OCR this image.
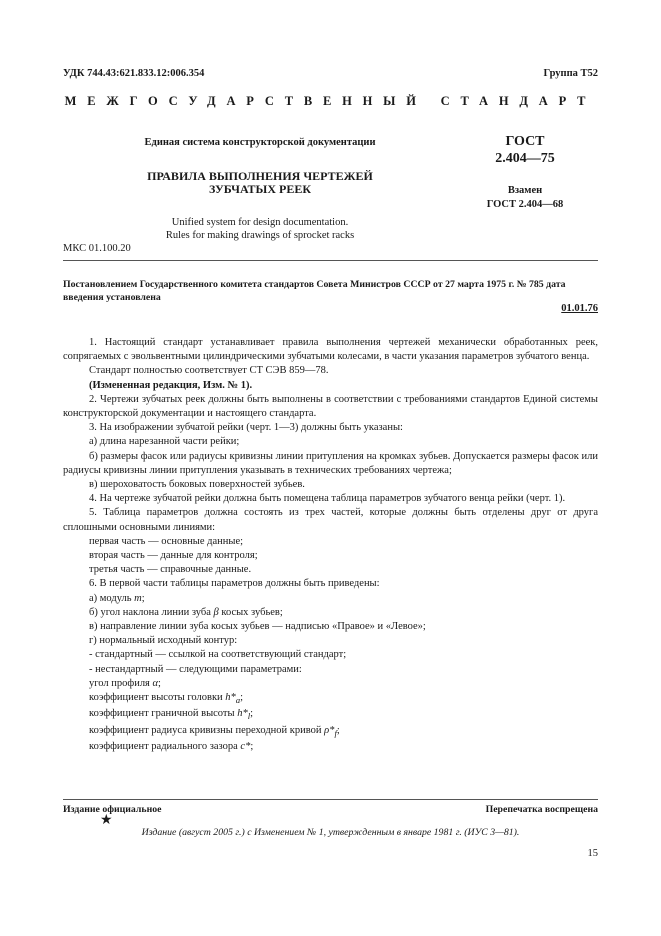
УДК 744.43:621.833.12:006.354	Группа Т52
МЕЖГОСУДАРСТВЕННЫЙ СТАНДАРТ
Единая система конструкторской документации	ГОСТ
2.404—75
ПРАВИЛА ВЫПОЛНЕНИЯ ЧЕРТЕЖЕЙ
ЗУБЧАТЫХ РЕЕК	Взамен
ГОСТ 2.404—68
Unified system for design documentation.
Rules for making drawings of sprocket racks
МКС 01.100.20
Постановлением Государственного комитета стандартов Совета Министров СССР от 27 марта 1975 г. № 785 дата введения установлена
01.01.76

1. Настоящий стандарт устанавливает правила выполнения чертежей механически обработанных реек, сопрягаемых с эвольвентными цилиндрическими зубчатыми колесами, в части указания параметров зубчатого венца.

Стандарт полностью соответствует СТ СЭВ 859—78.

(Измененная редакция, Изм. № 1).

2. Чертежи зубчатых реек должны быть выполнены в соответствии с требованиями стандартов Единой системы конструкторской документации и настоящего стандарта.

3. На изображении зубчатой рейки (черт. 1—3) должны быть указаны:

а) длина нарезанной части рейки;

б) размеры фасок или радиусы кривизны линии притупления на кромках зубьев. Допускается размеры фасок или радиусы кривизны линии притупления указывать в технических требованиях чертежа;

в) шероховатость боковых поверхностей зубьев.

4. На чертеже зубчатой рейки должна быть помещена таблица параметров зубчатого венца рейки (черт. 1).

5. Таблица параметров должна состоять из трех частей, которые должны быть отделены друг от друга сплошными основными линиями:

первая часть — основные данные;

вторая часть — данные для контроля;

третья часть — справочные данные.

6. В первой части таблицы параметров должны быть приведены:

а) модуль m;

б) угол наклона линии зуба β косых зубьев;

в) направление линии зуба косых зубьев — надписью «Правое» и «Левое»;

г) нормальный исходный контур:

- стандартный — ссылкой на соответствующий стандарт;

- нестандартный — следующими параметрами:

угол профиля α;

коэффициент высоты головки $h*_a$;

коэффициент граничной высоты $h*_l$;

коэффициент радиуса кривизны переходной кривой $\rho*_f$;

коэффициент радиального зазора c*;

Издание официальное	Перепечатка воспрещена
★
Издание (август 2005 г.) с Изменением № 1, утвержденным в январе 1981 г. (ИУС 3—81).
15
